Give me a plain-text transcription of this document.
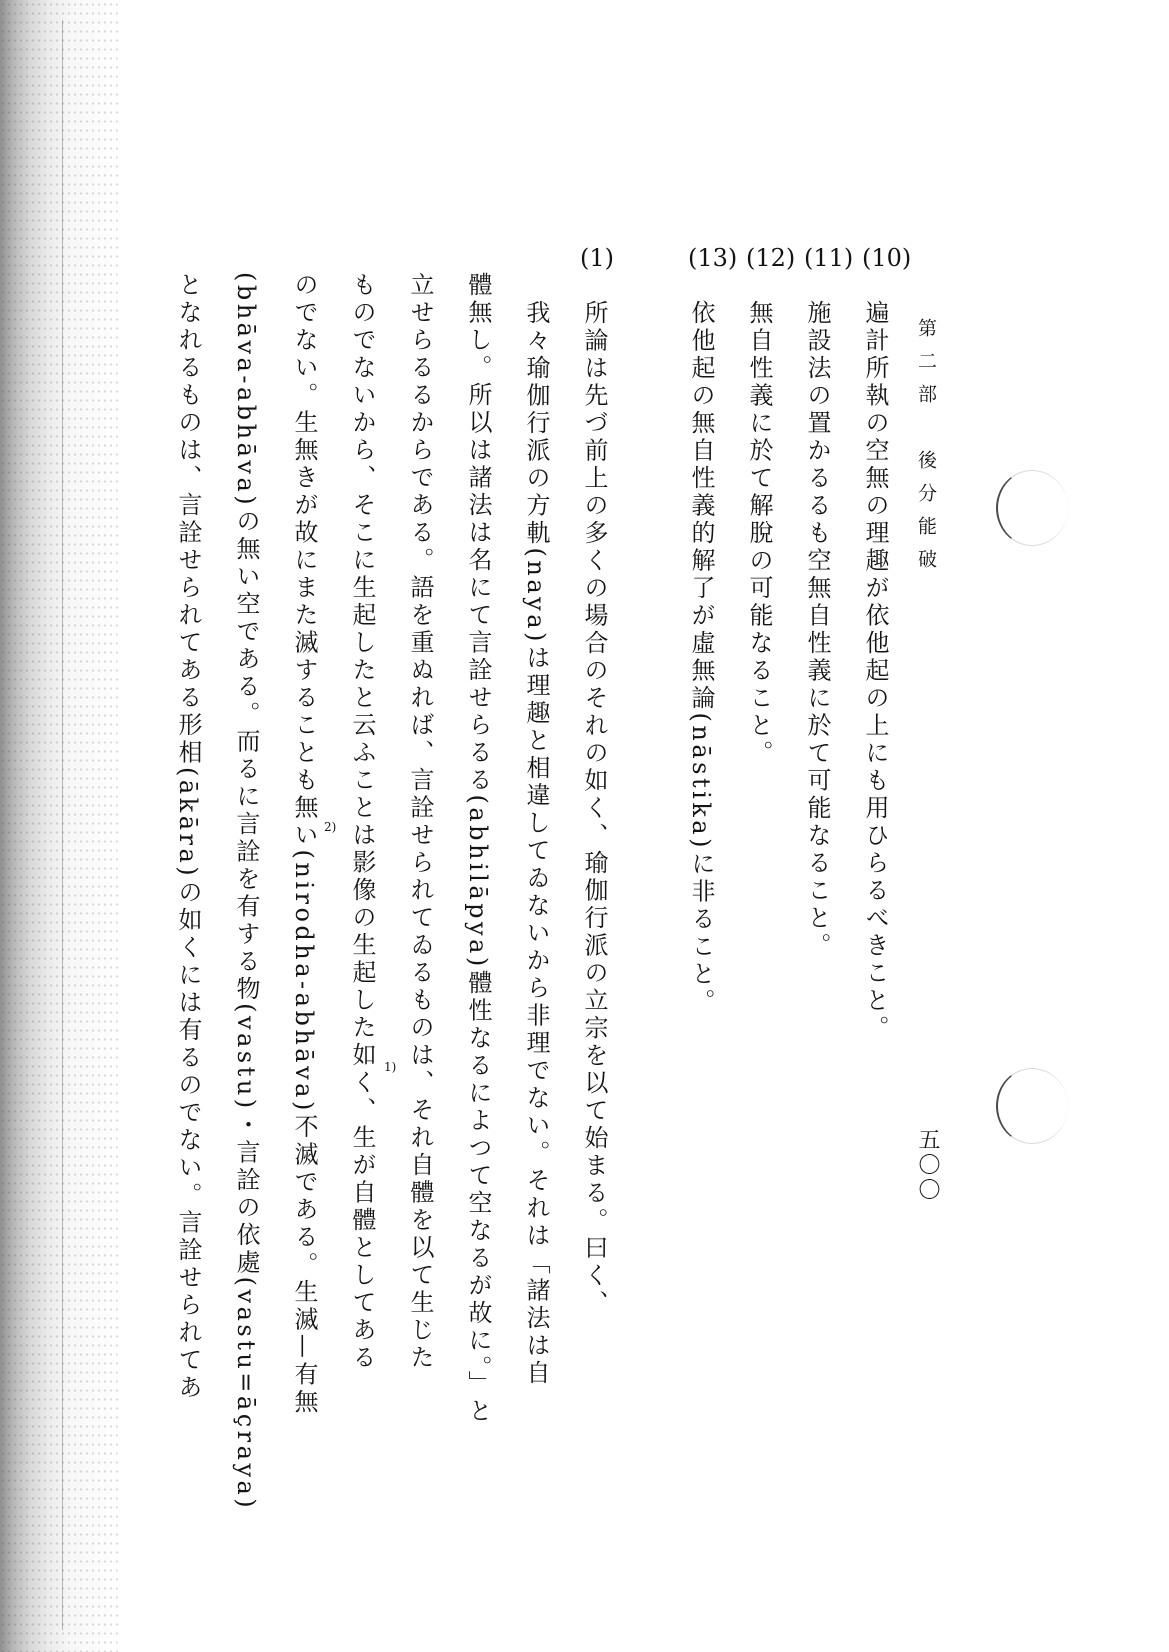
第二部　後分能破
五〇〇
(10)
遍計所執の空無の理趣が依他起の上にも用ひらるべきこと。
(11)
施設法の置かるるも空無自性義に於て可能なること。
(12)
無自性義に於て解脫の可能なること。
(13)
依他起の無自性義的解了が虛無論(nāstika)に非ること。
(1)
所論は先づ前上の多くの場合のそれの如く、瑜伽行派の立宗を以て始まる。曰く、
我々瑜伽行派の方軌(naya)は理趣と相違してゐないから非理でない。それは「諸法は自
體無し。所以は諸法は名にて言詮せらるる(abhilāpya)體性なるによつて空なるが故に。」と
立せらるるからである。語を重ぬれば、言詮せられてゐるものは、それ自體を以て生じた
ものでないから、そこに生起したと云ふことは影像の生起した如く、生が自體としてある
のでない。生無きが故にまた滅することも無い(nirodha-abhāva)不滅である。生滅—有無
(bhāva-abhāva)の無い空である。而るに言詮を有する物(vastu)・言詮の依處(vastu=āçraya)
となれるものは、言詮せられてある形相(ākāra)の如くには有るのでない。言詮せられてあ	2)
1)
